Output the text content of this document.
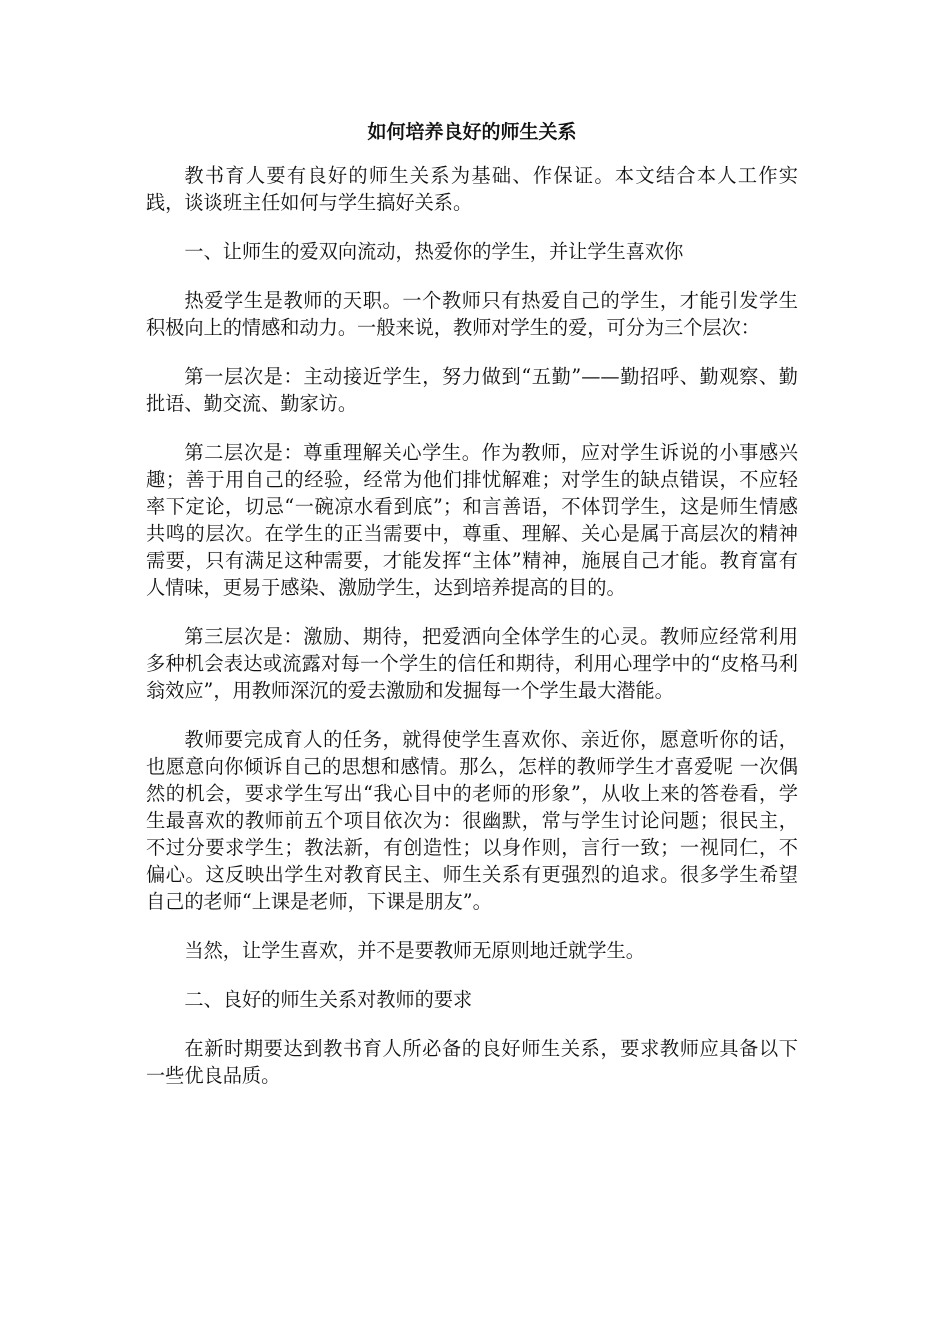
如何培养良好的师生关系

教书育人要有良好的师生关系为基础、作保证。本文结合本人工作实践，谈谈班主任如何与学生搞好关系。

一、让师生的爱双向流动，热爱你的学生，并让学生喜欢你

热爱学生是教师的天职。一个教师只有热爱自己的学生，才能引发学生积极向上的情感和动力。一般来说，教师对学生的爱，可分为三个层次：

第一层次是：主动接近学生，努力做到“五勤”——勤招呼、勤观察、勤批语、勤交流、勤家访。

第二层次是：尊重理解关心学生。作为教师，应对学生诉说的小事感兴趣；善于用自己的经验，经常为他们排忧解难；对学生的缺点错误，不应轻率下定论，切忌“一碗凉水看到底”；和言善语，不体罚学生，这是师生情感共鸣的层次。在学生的正当需要中，尊重、理解、关心是属于高层次的精神需要，只有满足这种需要，才能发挥“主体”精神，施展自己才能。教育富有人情味，更易于感染、激励学生，达到培养提高的目的。

第三层次是：激励、期待，把爱洒向全体学生的心灵。教师应经常利用多种机会表达或流露对每一个学生的信任和期待，利用心理学中的“皮格马利翁效应”，用教师深沉的爱去激励和发掘每一个学生最大潜能。

教师要完成育人的任务，就得使学生喜欢你、亲近你，愿意听你的话，也愿意向你倾诉自己的思想和感情。那么，怎样的教师学生才喜爱呢 一次偶然的机会，要求学生写出“我心目中的老师的形象”，从收上来的答卷看，学生最喜欢的教师前五个项目依次为：很幽默，常与学生讨论问题；很民主，不过分要求学生；教法新，有创造性；以身作则，言行一致；一视同仁，不偏心。这反映出学生对教育民主、师生关系有更强烈的追求。很多学生希望自己的老师“上课是老师，下课是朋友”。

当然，让学生喜欢，并不是要教师无原则地迁就学生。

二、良好的师生关系对教师的要求

在新时期要达到教书育人所必备的良好师生关系，要求教师应具备以下一些优良品质。
